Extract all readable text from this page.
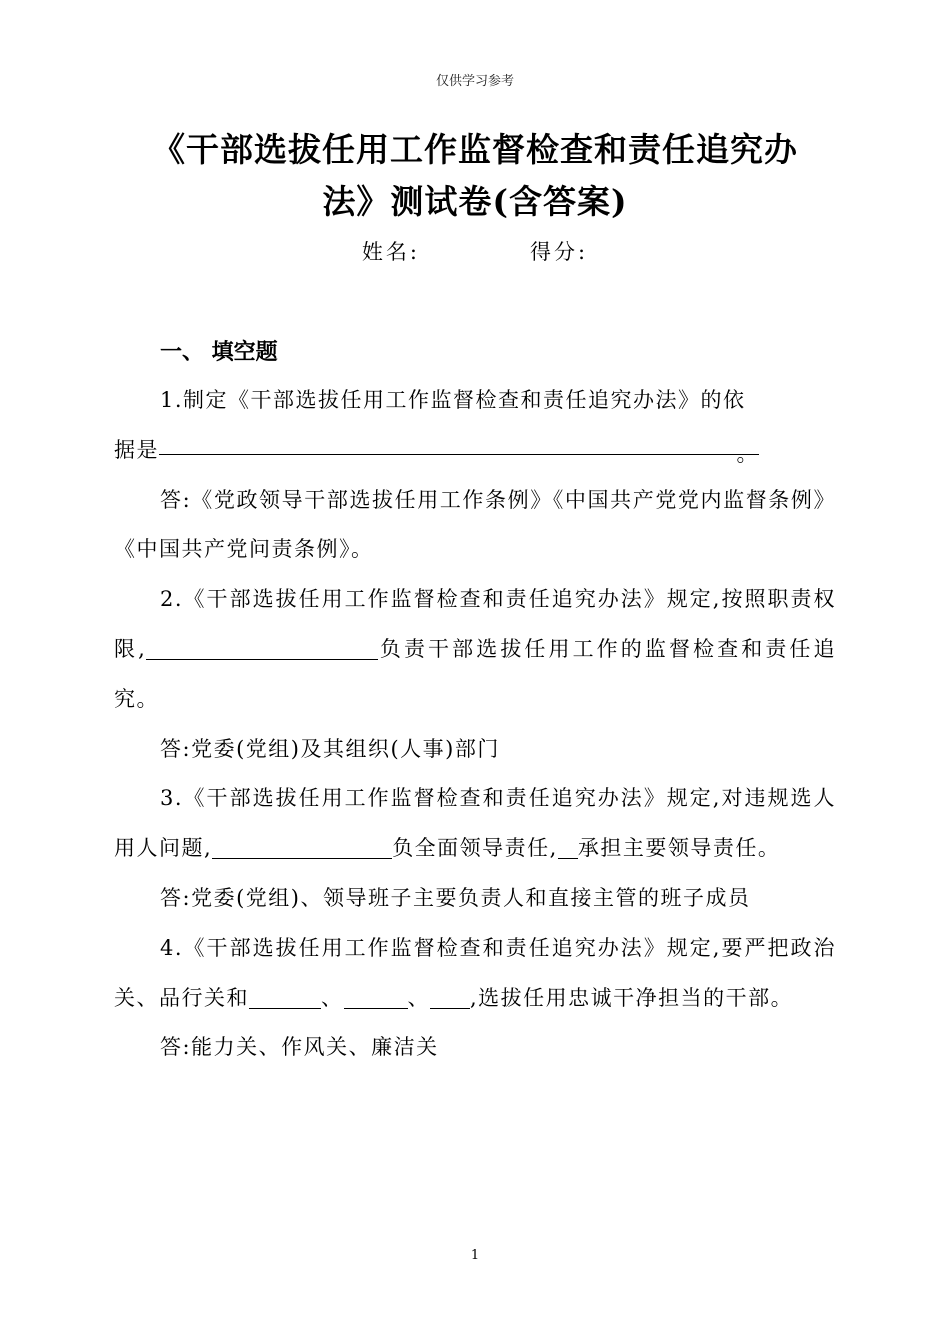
仅供学习参考
《干部选拔任用工作监督检查和责任追究办
法》测试卷(含答案)
姓名:	得分:
一、 填空题

1.制定《干部选拔任用工作监督检查和责任追究办法》的依
据是	。

答:《党政领导干部选拔任用工作条例》《中国共产党党内监督条例》《中国共产党问责条例》。

2.《干部选拔任用工作监督检查和责任追究办法》规定,按照职责权限,	负责干部选拔任用工作的监督检查和责任追究。

答:党委(党组)及其组织(人事)部门

3.《干部选拔任用工作监督检查和责任追究办法》规定,对违规选人用人问题,	负全面领导责任, 承担主要领导责任。

答:党委(党组)、领导班子主要负责人和直接主管的班子成员

4.《干部选拔任用工作监督检查和责任追究办法》规定,要严把政治关、品行关和	、	、 ,选拔任用忠诚干净担当的干部。

答:能力关、作风关、廉洁关

1
